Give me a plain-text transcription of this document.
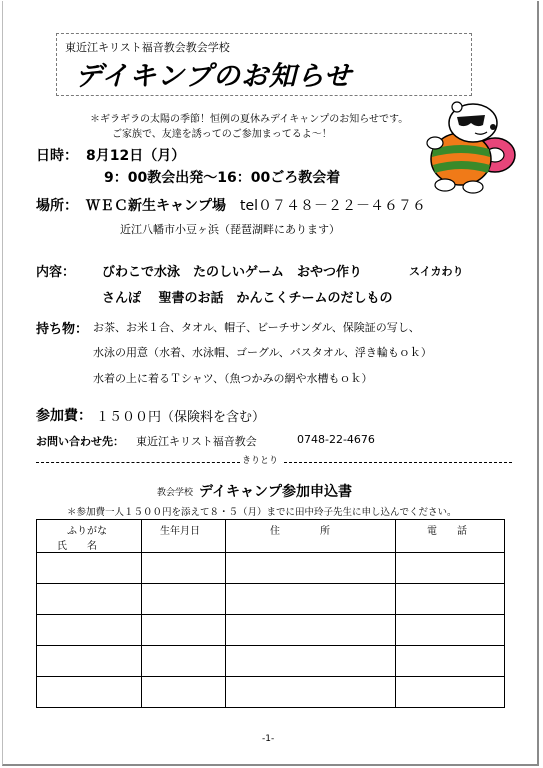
東近江キリスト福音教会教会学校
デイキンプのお知らせ
＊ギラギラの太陽の季節！恒例の夏休みデイキャンプのお知らせです。
ご家族で、友達を誘ってのご参加まってるよ～！
日時： 8月12日（月）
9：00教会出発～16：00ごろ教会着
場所： ＷＥＣ新生キャンプ場 tel０７４８－２２－４６７６
近江八幡市小豆ヶ浜（琵琶湖畔にあります）
内容： びわこで水泳　たのしいゲーム　おやつ作り	スイカわり
さんぽ　 聖書のお話　かんこくチームのだしもの
持ち物： お茶、お米１合、タオル、帽子、ビーチサンダル、保険証の写し、
水泳の用意（水着、水泳帽、ゴーグル、バスタオル、浮き輪もｏｋ）
水着の上に着るＴシャツ、（魚つかみの網や水槽もｏｋ）
参加費： １５００円（保険料を含む）
お問い合わせ先： 東近江キリスト福音教会	0748-22-4676
きりとり
教会学校 デイキャンプ参加申込書
＊参加費一人１５００円を添えて８・５（月）までに田中玲子先生に申し込んでください。
ふりがな
氏　　名	生年月日	住　　　　所	電　　話

-1-
